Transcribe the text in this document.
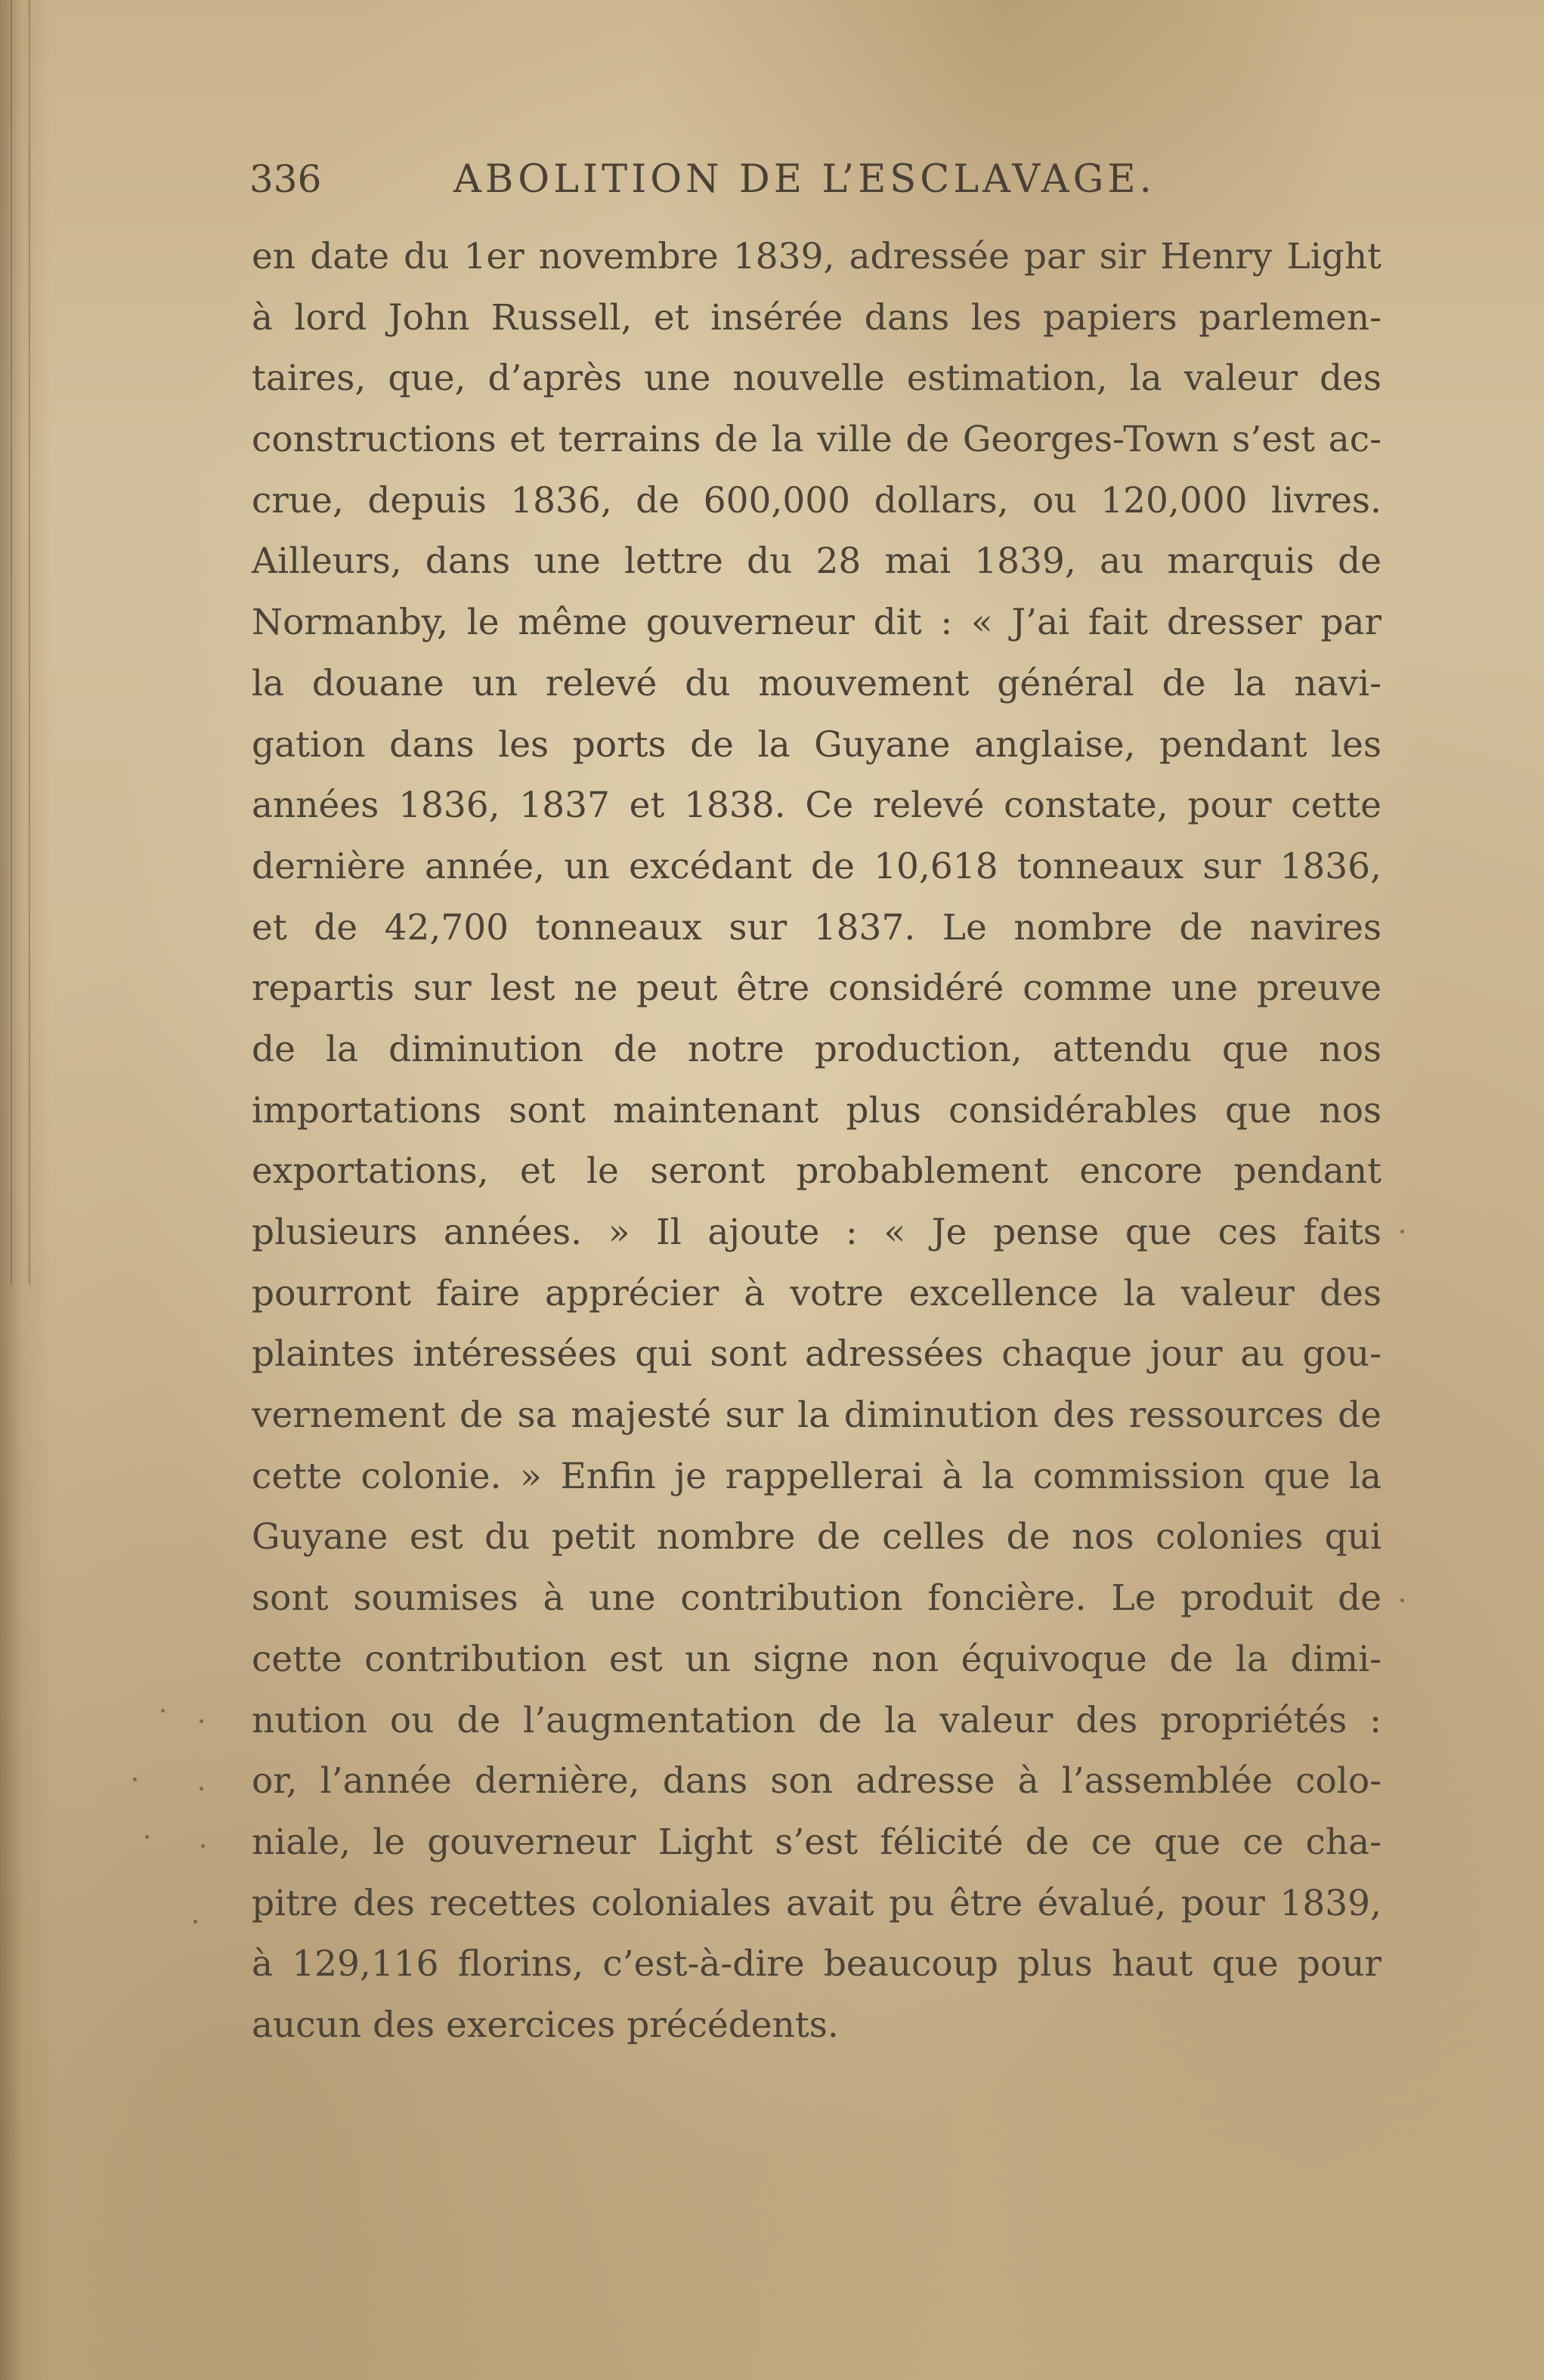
336	ABOLITION DE L’ESCLAVAGE.
en date du 1er novembre 1839, adressée par sir Henry Light
à lord John Russell, et insérée dans les papiers parlemen-
taires, que, d’après une nouvelle estimation, la valeur des
constructions et terrains de la ville de Georges-Town s’est ac-
crue, depuis 1836, de 600,000 dollars, ou 120,000 livres.
Ailleurs, dans une lettre du 28 mai 1839, au marquis de
Normanby, le même gouverneur dit : « J’ai fait dresser par
la douane un relevé du mouvement général de la navi-
gation dans les ports de la Guyane anglaise, pendant les
années 1836, 1837 et 1838. Ce relevé constate, pour cette
dernière année, un excédant de 10,618 tonneaux sur 1836,
et de 42,700 tonneaux sur 1837. Le nombre de navires
repartis sur lest ne peut être considéré comme une preuve
de la diminution de notre production, attendu que nos
importations sont maintenant plus considérables que nos
exportations, et le seront probablement encore pendant
plusieurs années. » Il ajoute : « Je pense que ces faits
pourront faire apprécier à votre excellence la valeur des
plaintes intéressées qui sont adressées chaque jour au gou-
vernement de sa majesté sur la diminution des ressources de
cette colonie. » Enfin je rappellerai à la commission que la
Guyane est du petit nombre de celles de nos colonies qui
sont soumises à une contribution foncière. Le produit de
cette contribution est un signe non équivoque de la dimi-
nution ou de l’augmentation de la valeur des propriétés :
or, l’année dernière, dans son adresse à l’assemblée colo-
niale, le gouverneur Light s’est félicité de ce que ce cha-
pitre des recettes coloniales avait pu être évalué, pour 1839,
à 129,116 florins, c’est-à-dire beaucoup plus haut que pour
aucun des exercices précédents.
